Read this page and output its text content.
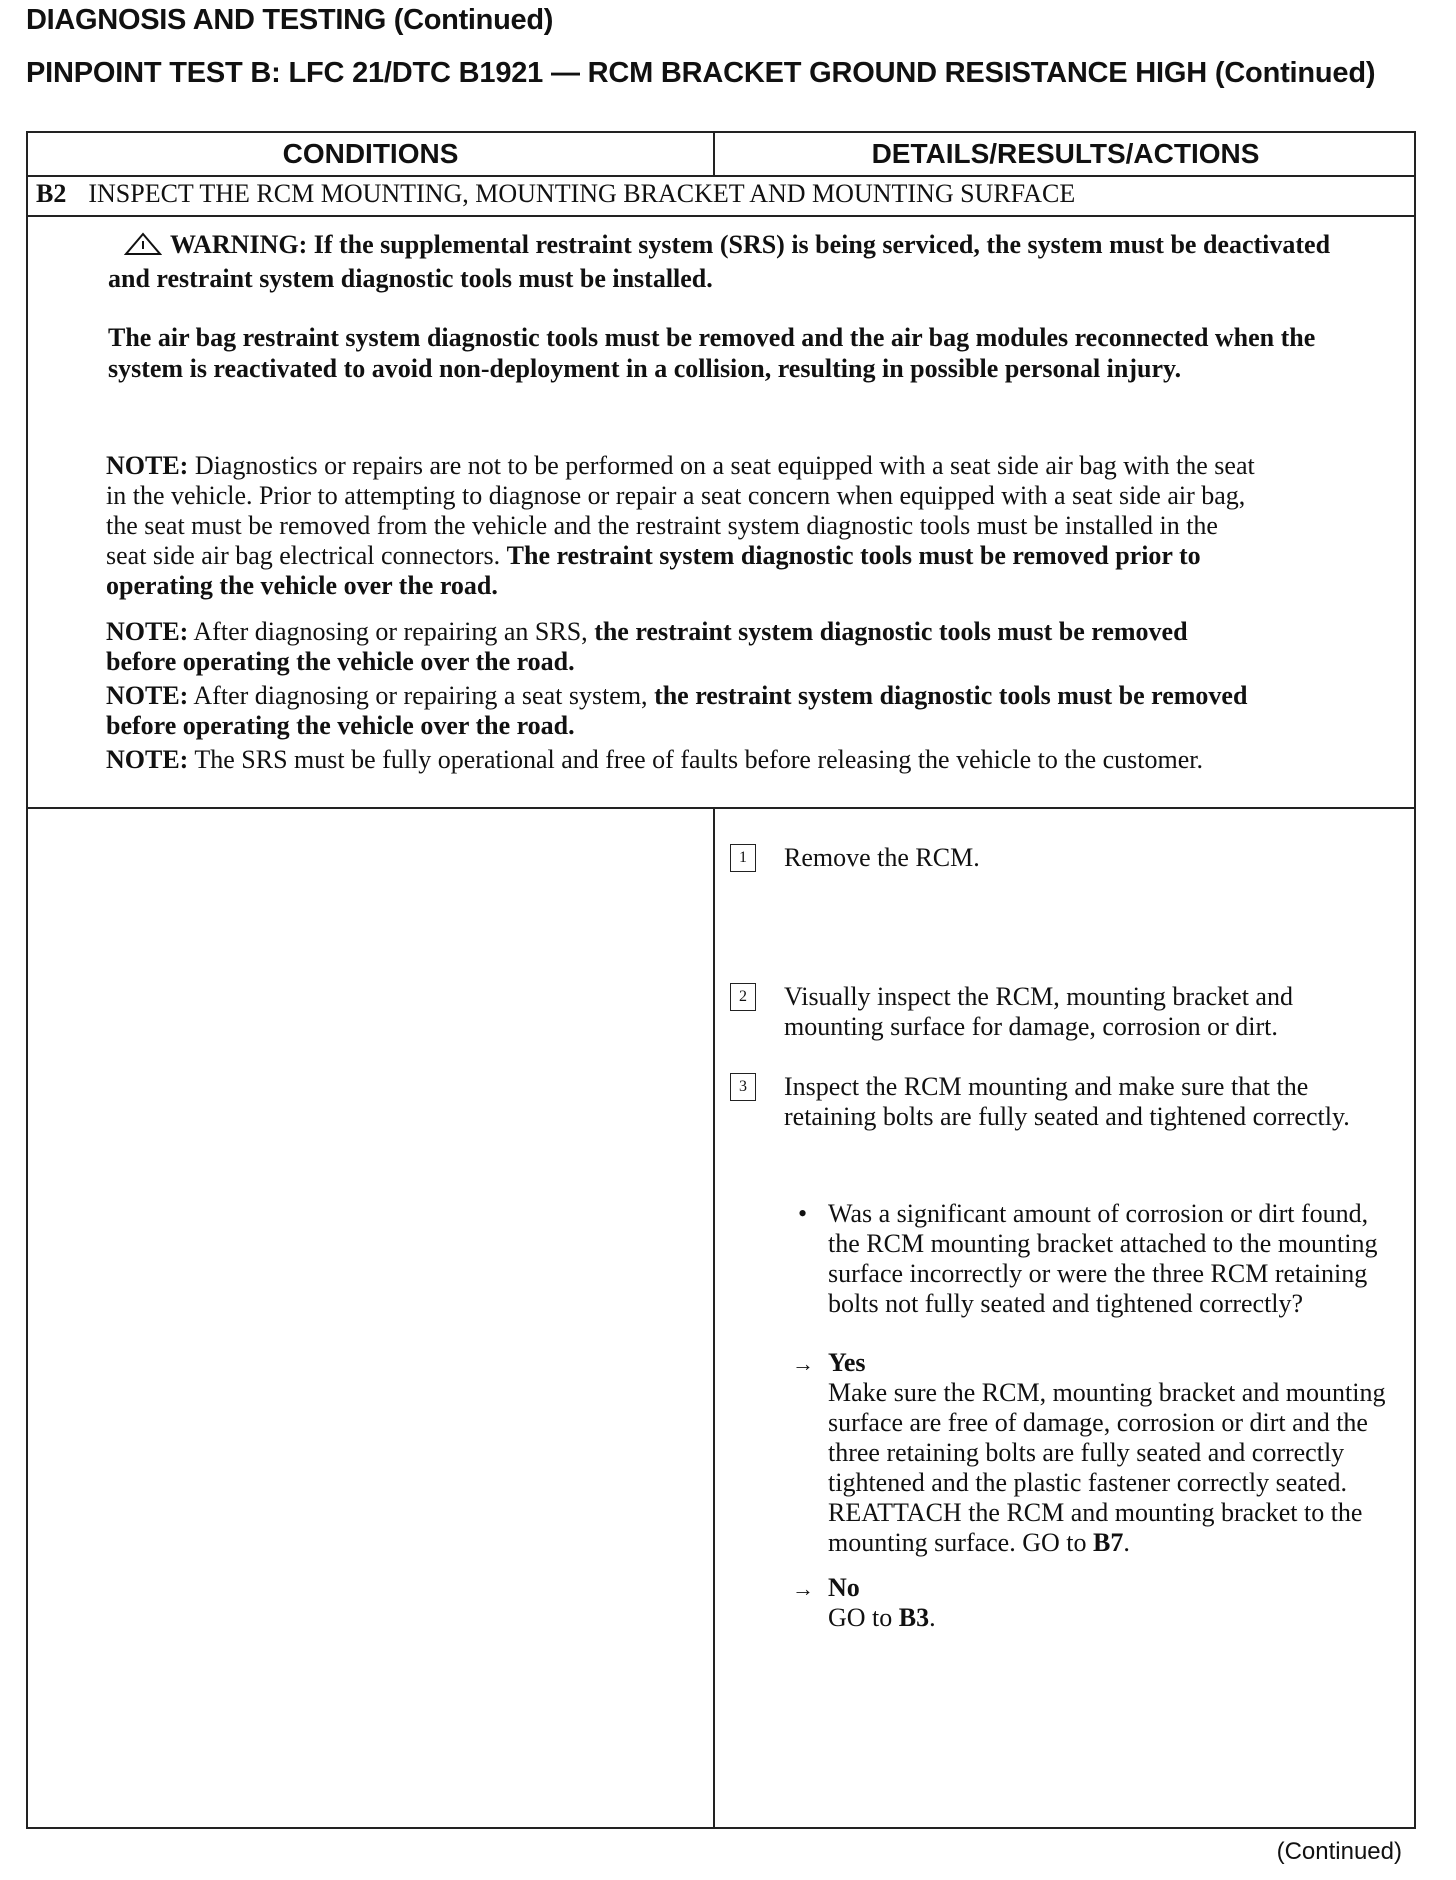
DIAGNOSIS AND TESTING (Continued)
PINPOINT TEST B: LFC 21/DTC B1921 — RCM BRACKET GROUND RESISTANCE HIGH (Continued)
CONDITIONS	DETAILS/RESULTS/ACTIONS
B2 INSPECT THE RCM MOUNTING, MOUNTING BRACKET AND MOUNTING SURFACE

WARNING: If the supplemental restraint system (SRS) is being serviced, the system must be deactivated and restraint system diagnostic tools must be installed.

The air bag restraint system diagnostic tools must be removed and the air bag modules reconnected when the system is reactivated to avoid non-deployment in a collision, resulting in possible personal injury.

NOTE: Diagnostics or repairs are not to be performed on a seat equipped with a seat side air bag with the seat in the vehicle. Prior to attempting to diagnose or repair a seat concern when equipped with a seat side air bag, the seat must be removed from the vehicle and the restraint system diagnostic tools must be installed in the seat side air bag electrical connectors. The restraint system diagnostic tools must be removed prior to operating the vehicle over the road.
NOTE: After diagnosing or repairing an SRS, the restraint system diagnostic tools must be removed before operating the vehicle over the road.
NOTE: After diagnosing or repairing a seat system, the restraint system diagnostic tools must be removed before operating the vehicle over the road.
NOTE: The SRS must be fully operational and free of faults before releasing the vehicle to the customer.
1	Remove the RCM.
2	Visually inspect the RCM, mounting bracket and mounting surface for damage, corrosion or dirt.
3	Inspect the RCM mounting and make sure that the retaining bolts are fully seated and tightened correctly.
• Was a significant amount of corrosion or dirt found, the RCM mounting bracket attached to the mounting surface incorrectly or were the three RCM retaining bolts not fully seated and tightened correctly?
→ Yes
Make sure the RCM, mounting bracket and mounting surface are free of damage, corrosion or dirt and the three retaining bolts are fully seated and correctly tightened and the plastic fastener correctly seated. REATTACH the RCM and mounting bracket to the mounting surface. GO to B7.
→ No
GO to B3.
(Continued)
